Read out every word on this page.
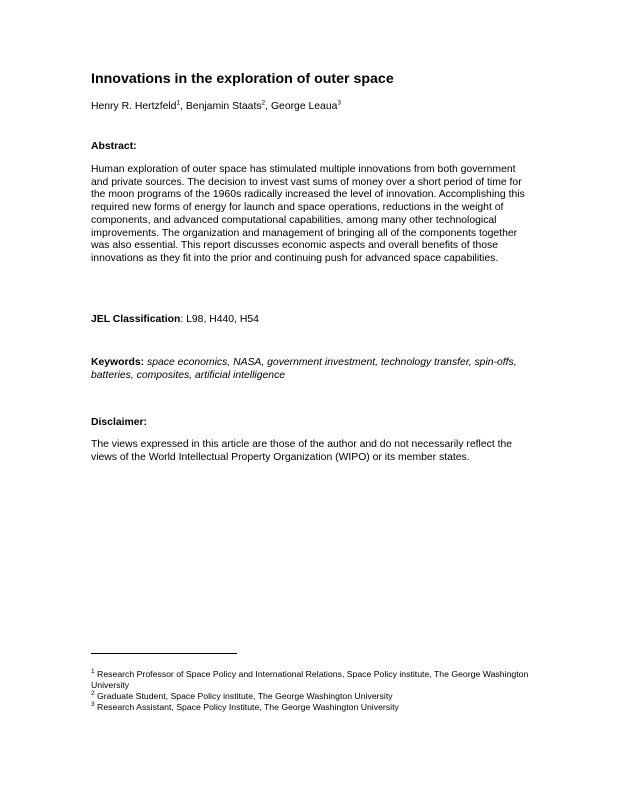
Innovations in the exploration of outer space
Henry R. Hertzfeld$^1$, Benjamin Staats$^2$, George Leaua$^3$
Abstract:
Human exploration of outer space has stimulated multiple innovations from both government and private sources. The decision to invest vast sums of money over a short period of time for the moon programs of the 1960s radically increased the level of innovation. Accomplishing this required new forms of energy for launch and space operations, reductions in the weight of components, and advanced computational capabilities, among many other technological improvements. The organization and management of bringing all of the components together was also essential. This report discusses economic aspects and overall benefits of those innovations as they fit into the prior and continuing push for advanced space capabilities.
JEL Classification: L98, H440, H54
Keywords: space economics, NASA, government investment, technology transfer, spin-offs, batteries, composites, artificial intelligence
Disclaimer:
The views expressed in this article are those of the author and do not necessarily reflect the views of the World Intellectual Property Organization (WIPO) or its member states.

$^1$ Research Professor of Space Policy and International Relations, Space Policy institute, The George Washington University

$^2$ Graduate Student, Space Policy institute, The George Washington University

$^3$ Research Assistant, Space Policy Institute, The George Washington University
